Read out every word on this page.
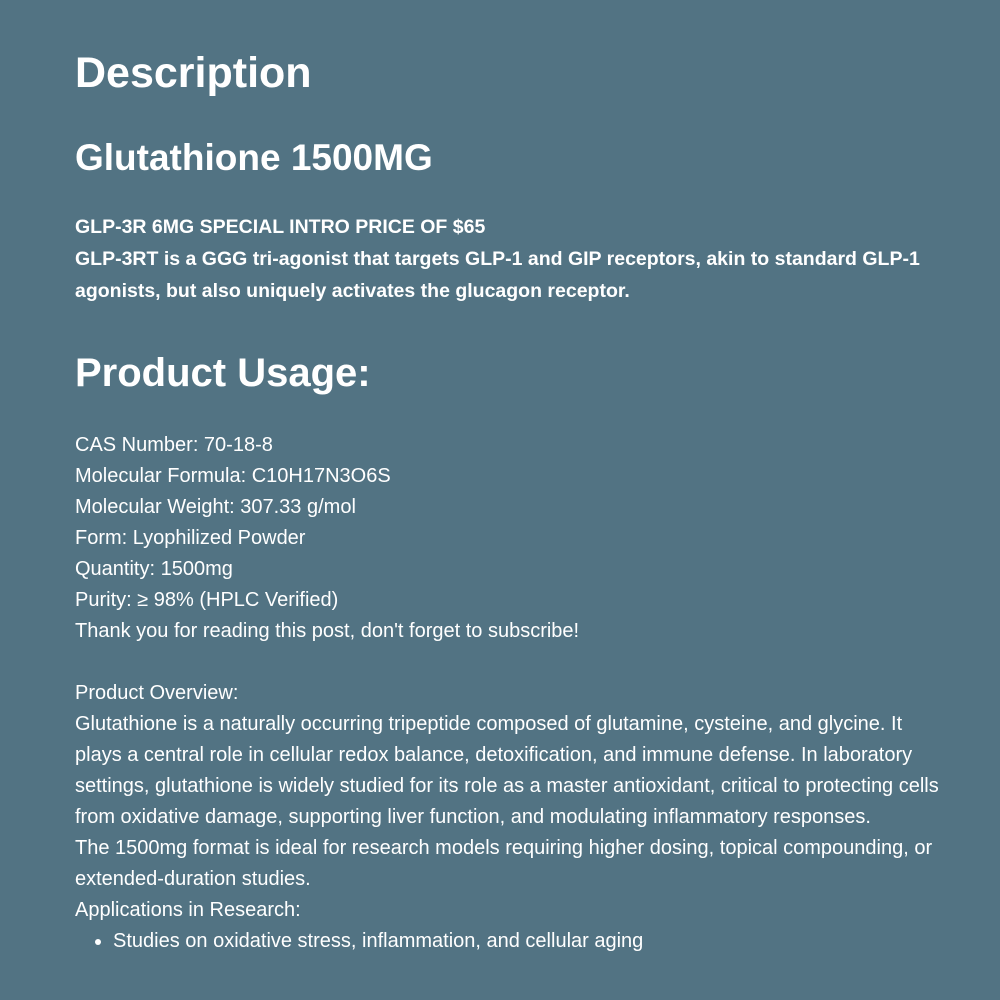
Description
Glutathione 1500MG
GLP-3R 6MG SPECIAL INTRO PRICE OF $65
GLP-3RT is a GGG tri-agonist that targets GLP-1 and GIP receptors, akin to standard GLP-1 agonists, but also uniquely activates the glucagon receptor.
Product Usage:
CAS Number: 70-18-8
Molecular Formula: C10H17N3O6S
Molecular Weight: 307.33 g/mol
Form: Lyophilized Powder
Quantity: 1500mg
Purity: ≥ 98% (HPLC Verified)
Thank you for reading this post, don't forget to subscribe!

Product Overview:

Glutathione is a naturally occurring tripeptide composed of glutamine, cysteine, and glycine. It plays a central role in cellular redox balance, detoxification, and immune defense. In laboratory settings, glutathione is widely studied for its role as a master antioxidant, critical to protecting cells from oxidative damage, supporting liver function, and modulating inflammatory responses.

The 1500mg format is ideal for research models requiring higher dosing, topical compounding, or extended-duration studies.

Applications in Research:

• Studies on oxidative stress, inflammation, and cellular aging
